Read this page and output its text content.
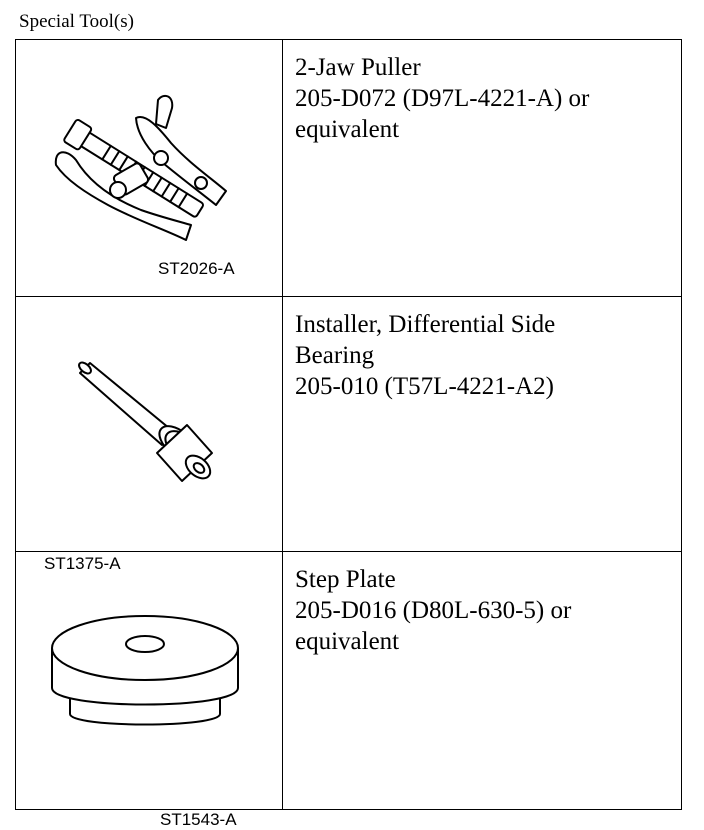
Special Tool(s)
ST2026-A
2-Jaw Puller
205-D072 (D97L-4221-A) or
equivalent
ST1375-A
Installer, Differential Side
Bearing
205-010 (T57L-4221-A2)
ST1543-A
Step Plate
205-D016 (D80L-630-5) or
equivalent
